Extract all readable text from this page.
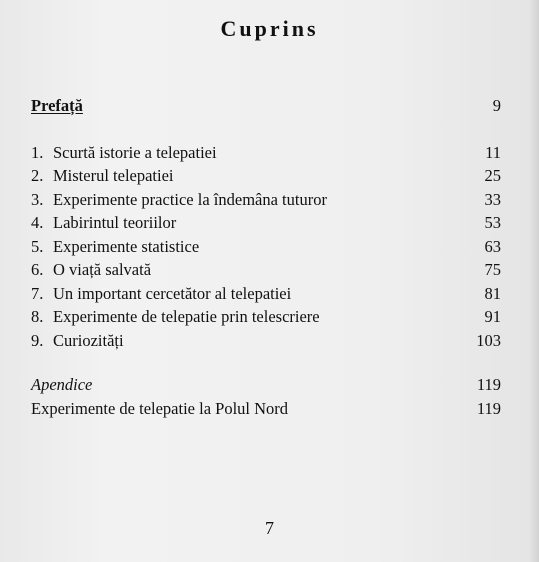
Cuprins
Prefață	9
1. Scurtă istorie a telepatiei	11
2. Misterul telepatiei	25
3. Experimente practice la îndemâna tuturor	33
4. Labirintul teoriilor	53
5. Experimente statistice	63
6. O viață salvată	75
7. Un important cercetător al telepatiei	81
8. Experimente de telepatie prin telescriere	91
9. Curiozități	103
Apendice	119
Experimente de telepatie la Polul Nord	119
7
